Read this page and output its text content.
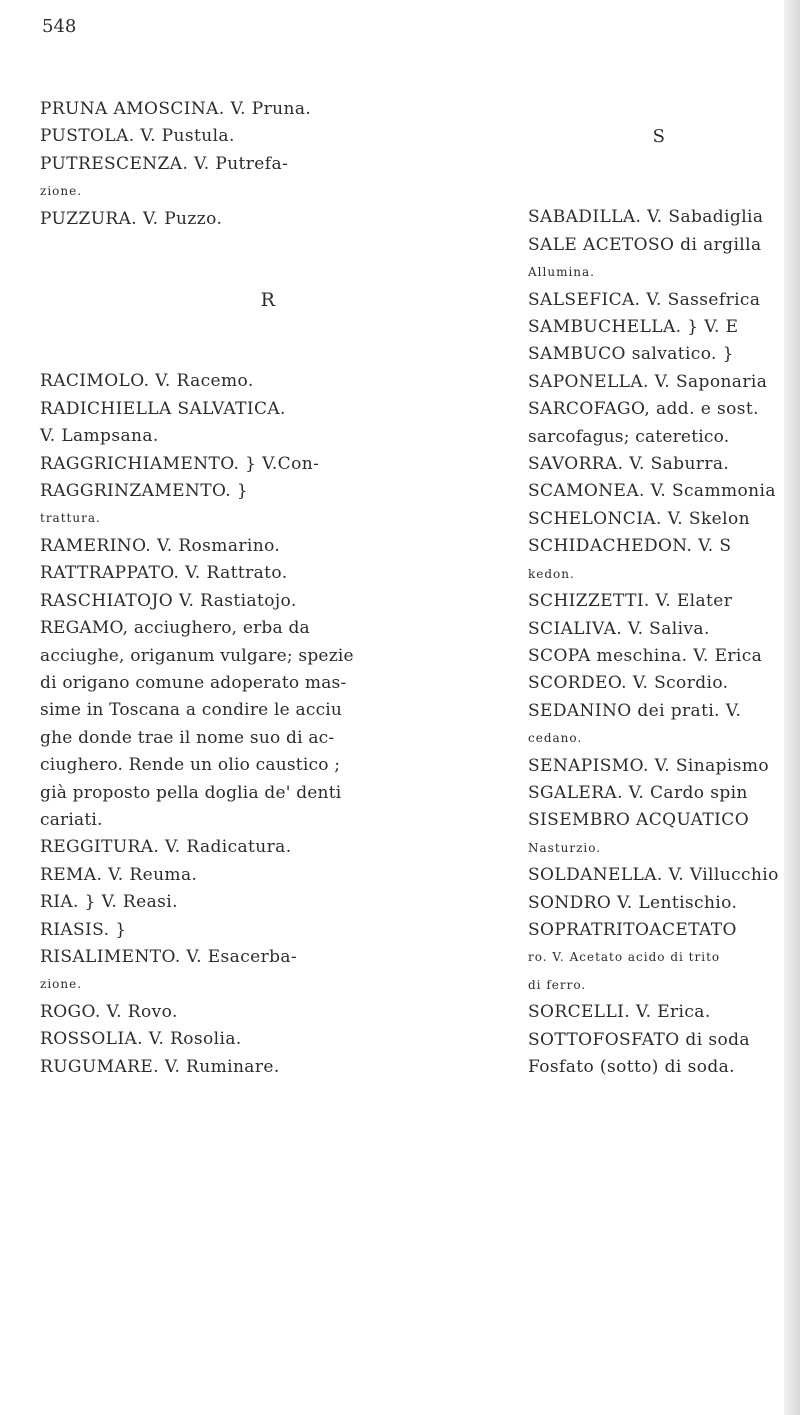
548
PRUNA AMOSCINA. V. Pruna.
PUSTOLA. V. Pustula.
PUTRESCENZA. V. Putrefa-
zione.
PUZZURA. V. Puzzo.
R
RACIMOLO. V. Racemo.
RADICHIELLA SALVATICA.
V. Lampsana.
RAGGRICHIAMENTO. } V.Con-
RAGGRINZAMENTO. }
trattura.
RAMERINO. V. Rosmarino.
RATTRAPPATO. V. Rattrato.
RASCHIATOJO V. Rastiatojo.
REGAMO, acciughero, erba da
acciughe, origanum vulgare; spezie
di origano comune adoperato mas-
sime in Toscana a condire le acciu
ghe donde trae il nome suo di ac-
ciughero. Rende un olio caustico ;
già proposto pella doglia de' denti
cariati.
REGGITURA. V. Radicatura.
REMA. V. Reuma.
RIA. } V. Reasi.
RIASIS. }
RISALIMENTO. V. Esacerba-
zione.
ROGO. V. Rovo.
ROSSOLIA. V. Rosolia.
RUGUMARE. V. Ruminare.
S
SABADILLA. V. Sabadiglia
SALE ACETOSO di argilla
Allumina.
SALSEFICA. V. Sassefrica
SAMBUCHELLA. } V. E
SAMBUCO salvatico. }
SAPONELLA. V. Saponaria
SARCOFAGO, add. e sost.
sarcofagus; cateretico.
SAVORRA. V. Saburra.
SCAMONEA. V. Scammonia
SCHELONCIA. V. Skelon
SCHIDACHEDON. V. S
kedon.
SCHIZZETTI. V. Elater
SCIALIVA. V. Saliva.
SCOPA meschina. V. Erica
SCORDEO. V. Scordio.
SEDANINO dei prati. V.
cedano.
SENAPISMO. V. Sinapismo
SGALERA. V. Cardo spin
SISEMBRO ACQUATICO
Nasturzio.
SOLDANELLA. V. Villucchio
SONDRO V. Lentischio.
SOPRATRITOACETATO
ro. V. Acetato acido di trito
di ferro.
SORCELLI. V. Erica.
SOTTOFOSFATO di soda
Fosfato (sotto) di soda.
